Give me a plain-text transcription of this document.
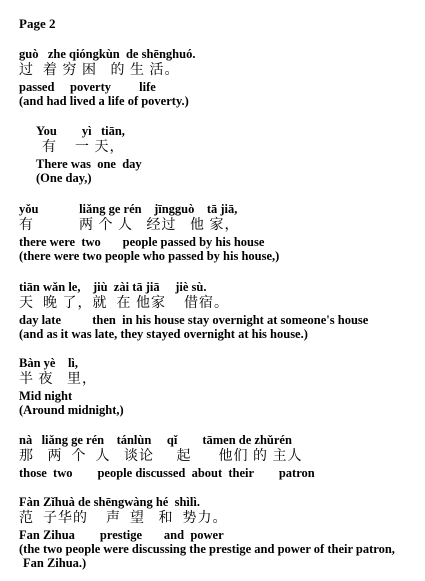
Page 2
guò   zhe qióngkùn  de shēnghuó.
过  着 穷 困   的 生 活。
passed     poverty         life
(and had lived a life of poverty.)
You        yì   tiān,
有    一 天，
There was  one  day
(One day,)
yǒu             liǎng ge rén    jīngguò    tā jiā,
有          两 个 人   经过   他 家，
there were  two       people passed by his house
(there were two people who passed by his house,)
tiān wǎn le,    jiù  zài tā jiā     jiè sù.
天  晚 了，就  在 他家    借宿。
day late          then  in his house stay overnight at someone's house
(and as it was late, they stayed overnight at his house.)
Bàn yè    lì,
半 夜   里，
Mid night
(Around midnight,)
nà   liǎng ge rén    tánlùn     qǐ        tāmen de zhǔrén
那   两  个  人   谈论     起      他们 的 主人
those  two        people discussed  about  their        patron
Fàn Zǐhuà de shēngwàng hé  shìlì.
范  子华的    声  望   和  势力。
Fan Zihua        prestige       and  power
(the two people were discussing the prestige and power of their patron,
Fan Zihua.)
